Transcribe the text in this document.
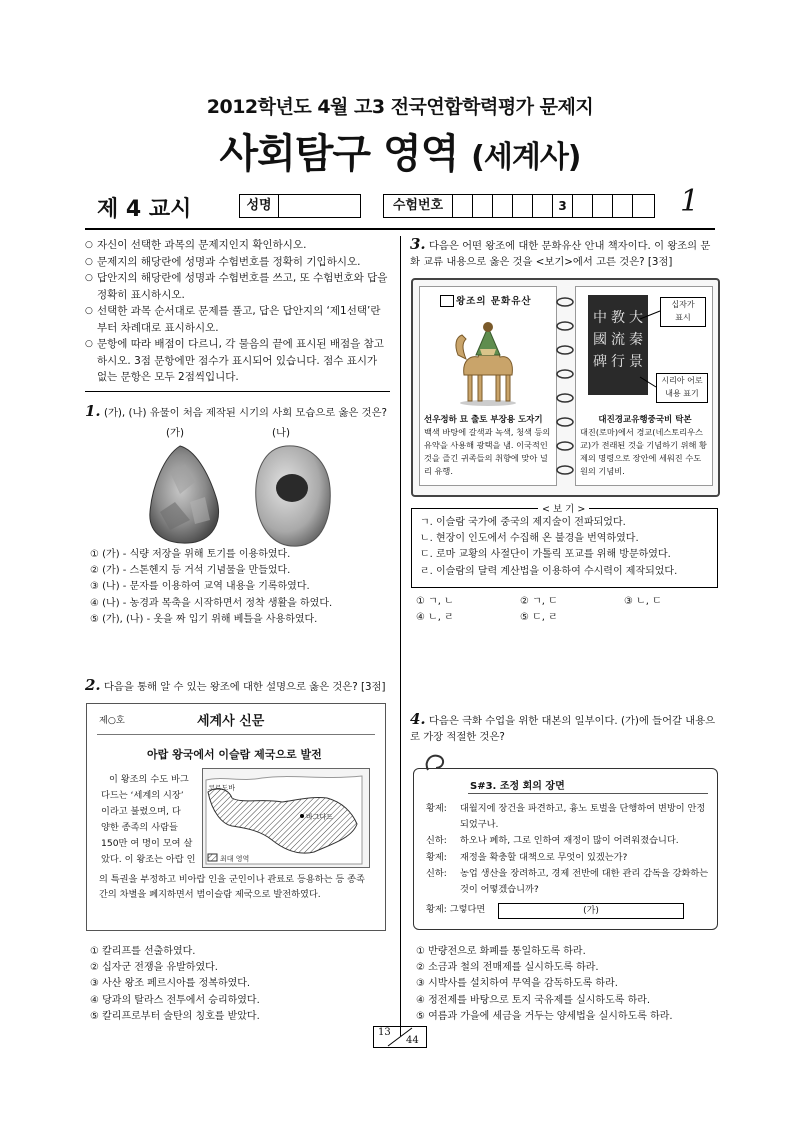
2012학년도 4월 고3 전국연합학력평가 문제지
사회탐구 영역 (세계사)
제 4 교시	성명	수험번호	3	1
○ 자신이 선택한 과목의 문제지인지 확인하시오.
○ 문제지의 해당란에 성명과 수험번호를 정확히 기입하시오.
○ 답안지의 해당란에 성명과 수험번호를 쓰고, 또 수험번호와 답을 정확히 표시하시오.
○ 선택한 과목 순서대로 문제를 풀고, 답은 답안지의 ‘제1선택’란부터 차례대로 표시하시오.
○ 문항에 따라 배점이 다르니, 각 물음의 끝에 표시된 배점을 참고하시오. 3점 문항에만 점수가 표시되어 있습니다. 점수 표시가 없는 문항은 모두 2점씩입니다.
1. (가), (나) 유물이 처음 제작된 시기의 사회 모습으로 옳은 것은?
(가)	(나)
① (가) - 식량 저장을 위해 토기를 이용하였다.
② (가) - 스톤헨지 등 거석 기념물을 만들었다.
③ (나) - 문자를 이용하여 교역 내용을 기록하였다.
④ (나) - 농경과 목축을 시작하면서 정착 생활을 하였다.
⑤ (가), (나) - 옷을 짜 입기 위해 베틀을 사용하였다.
2. 다음을 통해 알 수 있는 왕조에 대한 설명으로 옳은 것은? [3점]
제○호	세계사 신문
아랍 왕국에서 이슬람 제국으로 발전
이 왕조의 수도 바그
다드는 ‘세계의 시장’
이라고 불렸으며, 다
양한 종족의 사람들
150만 여 명이 모여 살
았다. 이 왕조는 아랍 인
코르도바
바그다드
최대 영역
의 특권을 부정하고 비아랍 인을 군인이나 관료로 등용하는 등 종족 간의 차별을 폐지하면서 범이슬람 제국으로 발전하였다.
① 칼리프를 선출하였다.
② 십자군 전쟁을 유발하였다.
③ 사산 왕조 페르시아를 정복하였다.
④ 당과의 탈라스 전투에서 승리하였다.
⑤ 칼리프로부터 술탄의 칭호를 받았다.
3. 다음은 어떤 왕조에 대한 문화유산 안내 책자이다. 이 왕조의 문화 교류 내용으로 옳은 것을 <보기>에서 고른 것은? [3점]
왕조의 문화유산
선우정하 묘 출토 부장용 도자기
백색 바탕에 갈색과 녹색, 청색 등의 유약을 사용해 광택을 냄. 이국적인 것을 즐긴 귀족들의 취향에 맞아 널리 유행.
中 教 大
國 流 秦
碑 行 景
십자가
표시
시리아 어로
내용 표기
대진경교유행중국비 탁본
대진(로마)에서 경교(네스토리우스 교)가 전래된 것을 기념하기 위해 황제의 명령으로 장안에 세워진 수도원의 기념비.
< 보 기 >
ㄱ. 이슬람 국가에 중국의 제지술이 전파되었다.
ㄴ. 현장이 인도에서 수집해 온 불경을 번역하였다.
ㄷ. 로마 교황의 사절단이 가톨릭 포교를 위해 방문하였다.
ㄹ. 이슬람의 달력 계산법을 이용하여 수시력이 제작되었다.
① ㄱ, ㄴ	② ㄱ, ㄷ	③ ㄴ, ㄷ
④ ㄴ, ㄹ	⑤ ㄷ, ㄹ
4. 다음은 극화 수업을 위한 대본의 일부이다. (가)에 들어갈 내용으로 가장 적절한 것은?
S#3. 조정 회의 장면
황제:	대월지에 장건을 파견하고, 흉노 토벌을 단행하여 변방이 안정되었구나.
신하:	하오나 폐하, 그로 인하여 재정이 많이 어려워졌습니다.
황제:	재정을 확충할 대책으로 무엇이 있겠는가?
신하:	농업 생산을 장려하고, 경제 전반에 대한 관리 감독을 강화하는 것이 어떻겠습니까?
황제: 그렇다면	(가)
① 반량전으로 화폐를 통일하도록 하라.
② 소금과 철의 전매제를 실시하도록 하라.
③ 시박사를 설치하여 무역을 감독하도록 하라.
④ 정전제를 바탕으로 토지 국유제를 실시하도록 하라.
⑤ 여름과 가을에 세금을 거두는 양세법을 실시하도록 하라.
13
44
